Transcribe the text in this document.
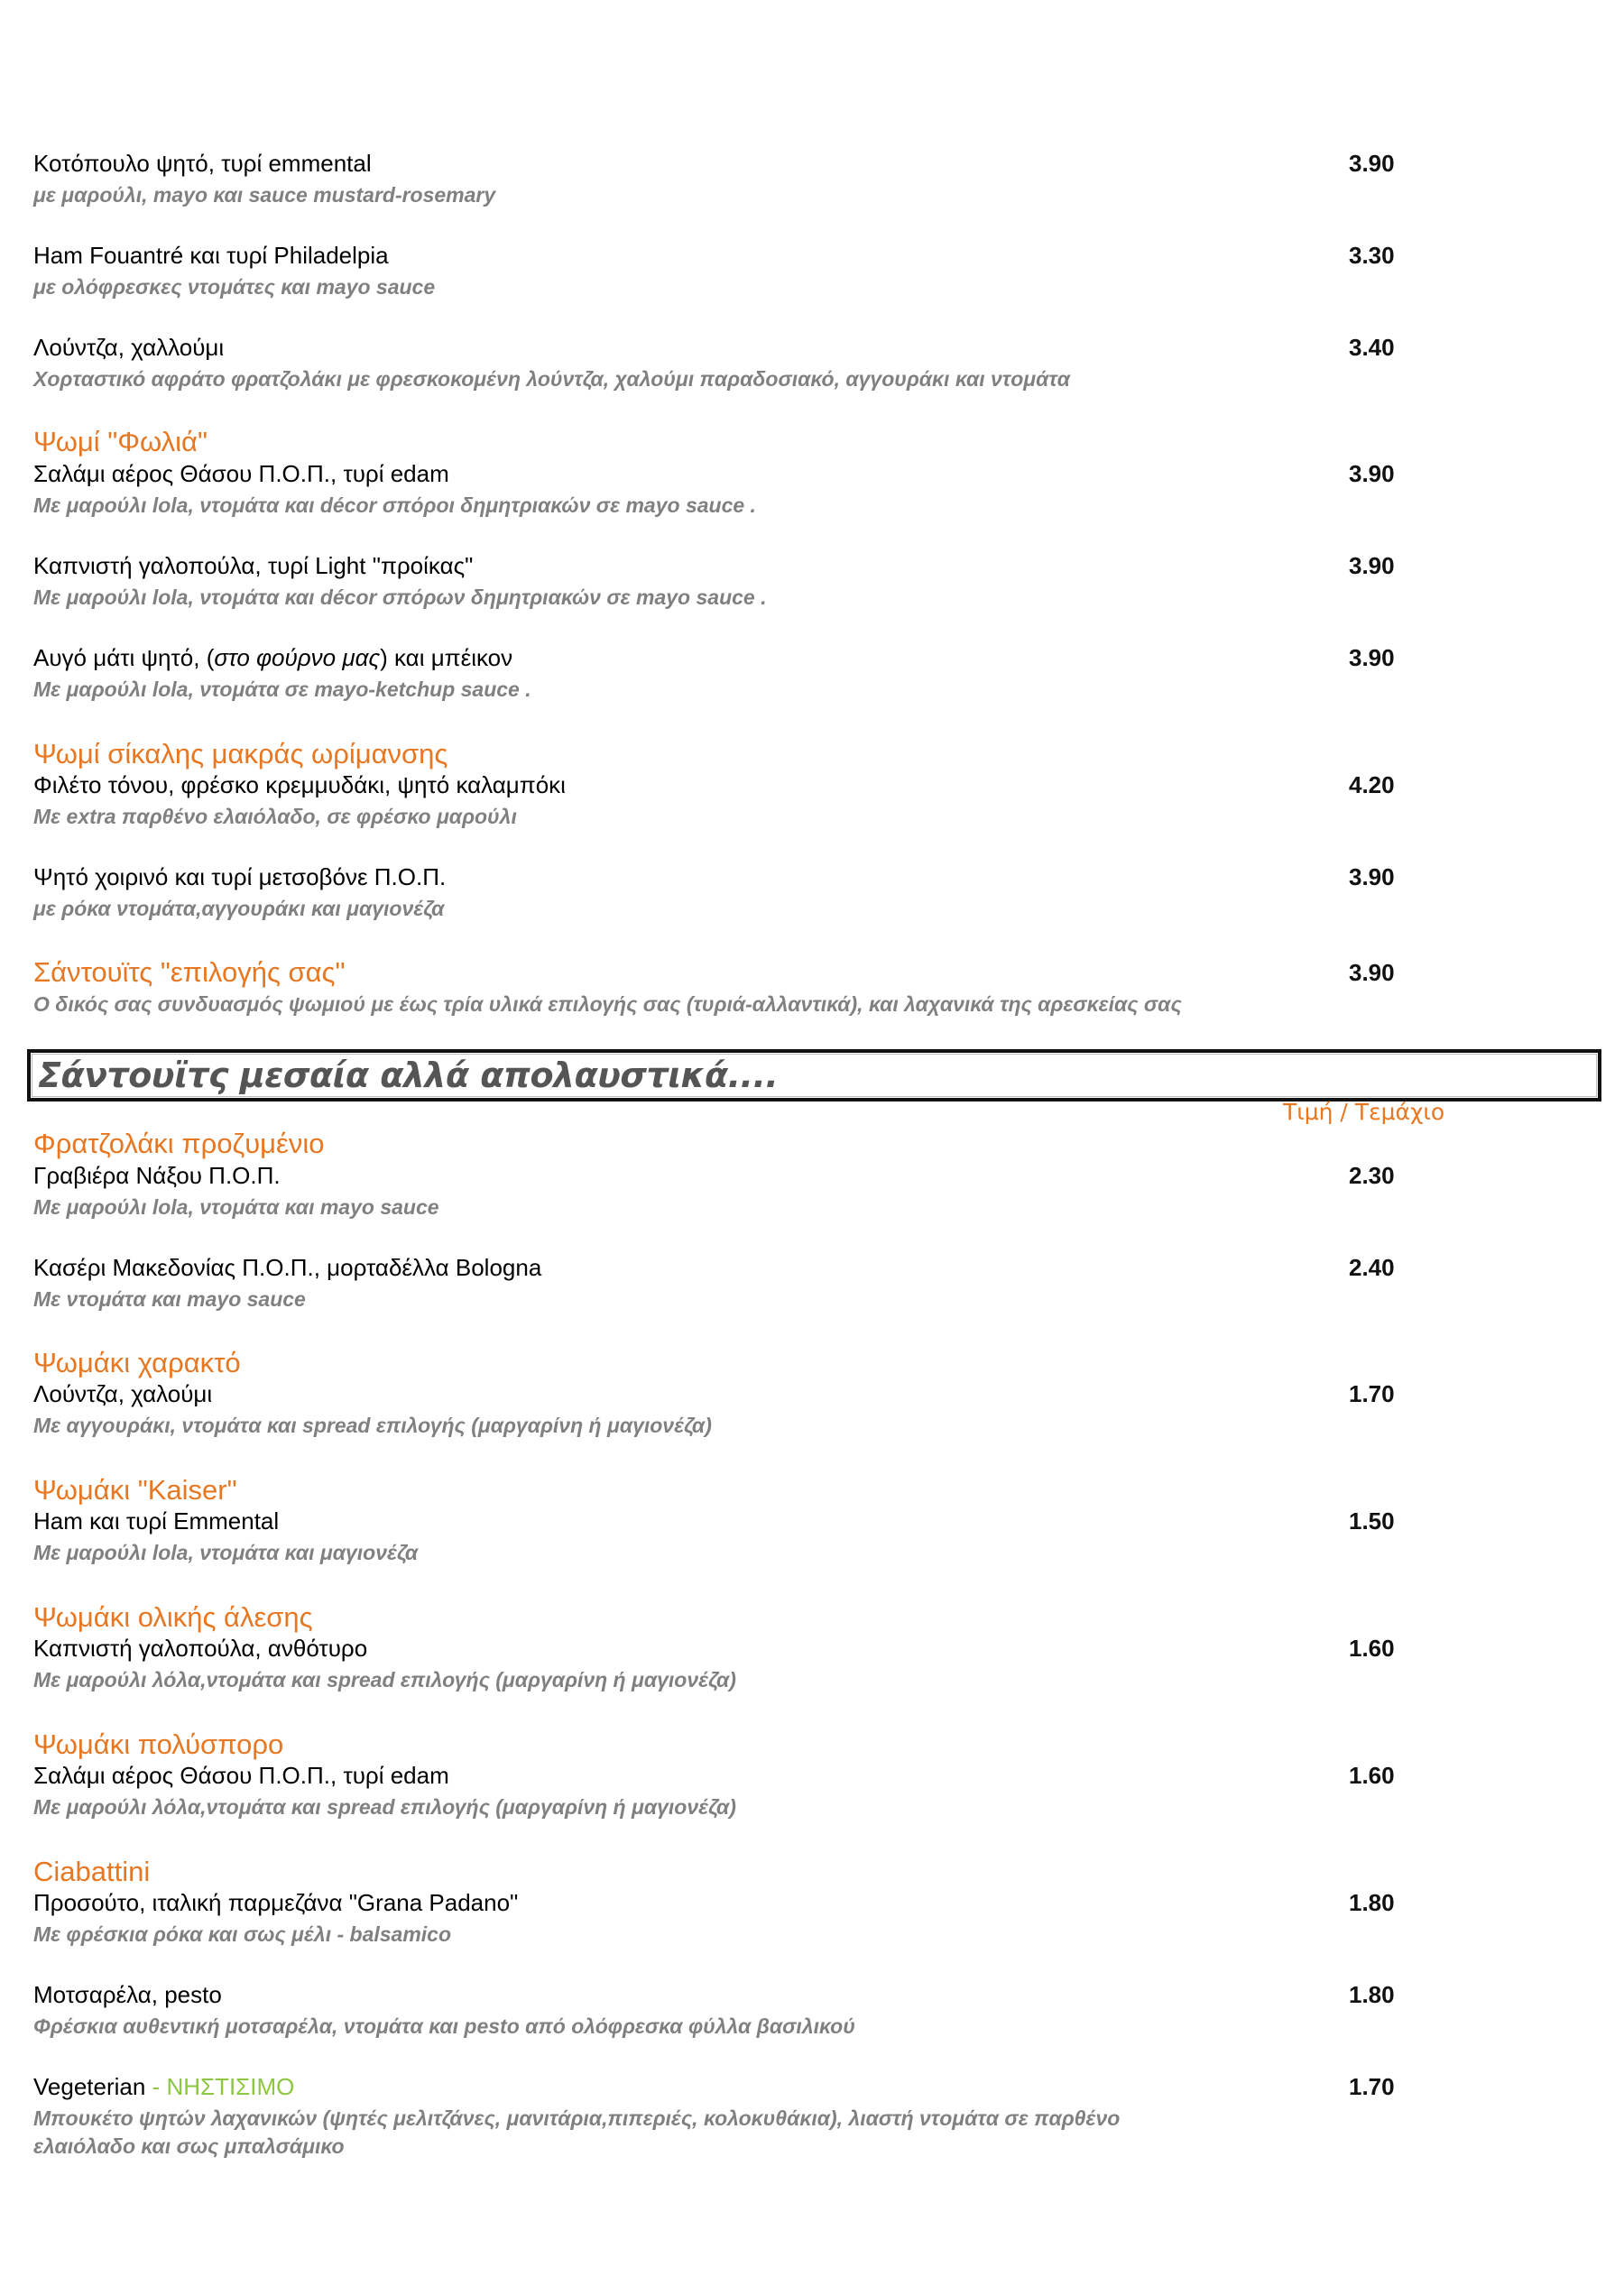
Κοτόπουλο ψητό, τυρί emmental	3.90
με μαρούλι, mayo και sauce mustard-rosemary
Ham Fouantré και τυρί Philadelpia	3.30
με ολόφρεσκες ντομάτες και mayo sauce
Λούντζα, χαλλούμι	3.40
Χορταστικό αφράτο φρατζολάκι με φρεσκοκομένη λούντζα, χαλούμι παραδοσιακό, αγγουράκι και ντομάτα
Ψωμί "Φωλιά"
Σαλάμι αέρος Θάσου Π.Ο.Π., τυρί edam	3.90
Με μαρούλι lola, ντομάτα και décor σπόροι δημητριακών σε mayo sauce .
Καπνιστή γαλοπούλα, τυρί Light "προίκας"	3.90
Με μαρούλι lola, ντομάτα και décor σπόρων δημητριακών σε mayo sauce .
Αυγό μάτι ψητό, (στο φούρνο μας) και μπέικον	3.90
Με μαρούλι lola, ντομάτα σε mayo-ketchup sauce .
Ψωμί σίκαλης μακράς ωρίμανσης
Φιλέτο τόνου, φρέσκο κρεμμυδάκι, ψητό καλαμπόκι	4.20
Με extra παρθένο ελαιόλαδο, σε φρέσκο μαρούλι
Ψητό χοιρινό και τυρί μετσοβόνε Π.Ο.Π.	3.90
με ρόκα ντομάτα,αγγουράκι και μαγιονέζα
Σάντουϊτς "επιλογής σας"	3.90
Ο δικός σας συνδυασμός ψωμιού με έως τρία υλικά επιλογής σας (τυριά-αλλαντικά), και λαχανικά της αρεσκείας σας
Σάντουϊτς μεσαία αλλά απολαυστικά....
Τιμή / Τεμάχιο
Φρατζολάκι προζυμένιο
Γραβιέρα Νάξου Π.Ο.Π.	2.30
Με μαρούλι lola, ντομάτα και mayo sauce
Κασέρι Μακεδονίας Π.Ο.Π., μορταδέλλα Bologna	2.40
Με ντομάτα και mayo sauce
Ψωμάκι χαρακτό
Λούντζα, χαλούμι	1.70
Με αγγουράκι, ντομάτα και spread επιλογής (μαργαρίνη ή μαγιονέζα)
Ψωμάκι "Kaiser"
Ham και τυρί Emmental	1.50
Με μαρούλι lola, ντομάτα και μαγιονέζα
Ψωμάκι ολικής άλεσης
Καπνιστή γαλοπούλα, ανθότυρο	1.60
Με μαρούλι λόλα,ντομάτα και spread επιλογής (μαργαρίνη ή μαγιονέζα)
Ψωμάκι πολύσπορο
Σαλάμι αέρος Θάσου Π.Ο.Π., τυρί edam	1.60
Με μαρούλι λόλα,ντομάτα και spread επιλογής (μαργαρίνη ή μαγιονέζα)
Ciabattini
Προσούτο, ιταλική παρμεζάνα "Grana Padano"	1.80
Με φρέσκια ρόκα και σως μέλι - balsamico
Μοτσαρέλα, pesto	1.80
Φρέσκια αυθεντική μοτσαρέλα, ντομάτα και pesto από ολόφρεσκα φύλλα βασιλικού
Vegeterian - ΝΗΣΤΙΣΙΜΟ	1.70
Μπουκέτο ψητών λαχανικών (ψητές μελιτζάνες, μανιτάρια,πιπεριές, κολοκυθάκια), λιαστή ντομάτα σε παρθένο
ελαιόλαδο και σως μπαλσάμικο
